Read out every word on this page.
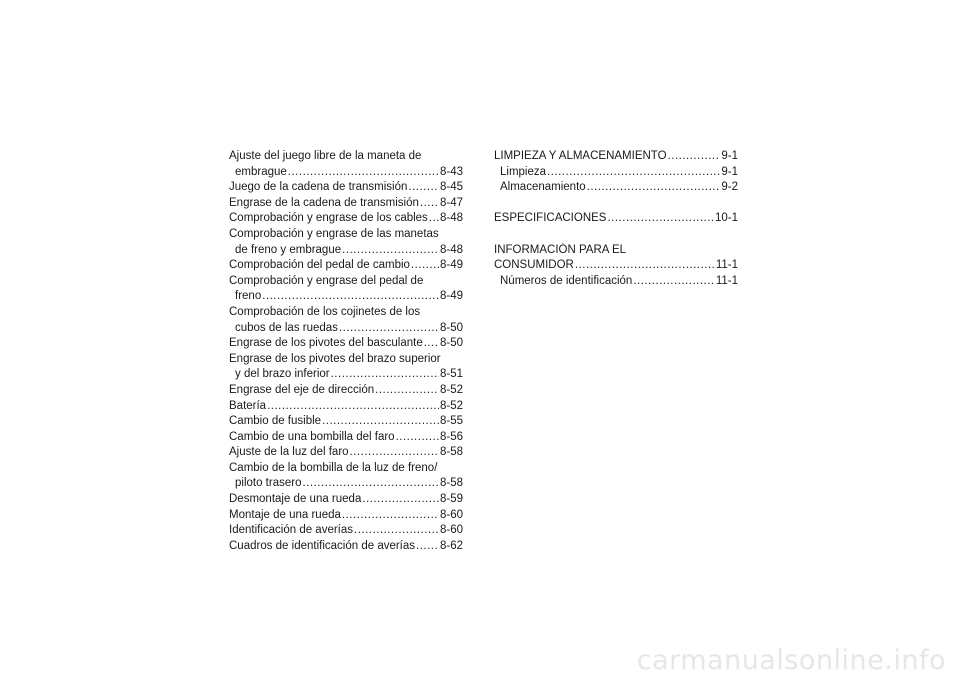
Ajuste del juego libre de la maneta de
embrague .....	8-43
Juego de la cadena de transmisión .....	8-45
Engrase de la cadena de transmisión ..... 8-47
Comprobación y engrase de los cables ..... 8-48
Comprobación y engrase de las manetas
de freno y embrague .....	8-48
Comprobación del pedal de cambio .....	8-49
Comprobación y engrase del pedal de
freno .....	8-49
Comprobación de los cojinetes de los
cubos de las ruedas .....	8-50
Engrase de los pivotes del basculante ..... 8-50
Engrase de los pivotes del brazo superior
y del brazo inferior .....	8-51
Engrase del eje de dirección .....	8-52
Batería .....	8-52
Cambio de fusible .....	8-55
Cambio de una bombilla del faro .....	8-56
Ajuste de la luz del faro .....	8-58
Cambio de la bombilla de la luz de freno/
piloto trasero .....	8-58
Desmontaje de una rueda .....	8-59
Montaje de una rueda .....	8-60
Identificación de averías .....	8-60
Cuadros de identificación de averías ..... 8-62
LIMPIEZA Y ALMACENAMIENTO .....	9-1
Limpieza .....	9-1
Almacenamiento .....	9-2
ESPECIFICACIONES .....	10-1
INFORMACIÓN PARA EL
CONSUMIDOR .....	11-1
Números de identificación .....	11-1
carmanualsonline.info
